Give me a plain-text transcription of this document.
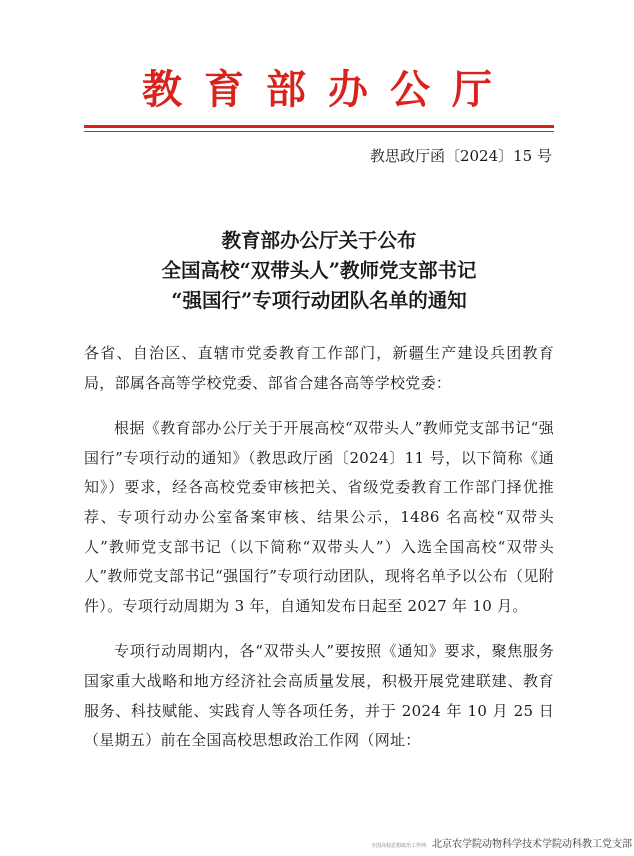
教育部办公厅
教思政厅函〔2024〕15 号
教育部办公厅关于公布
全国高校“双带头人”教师党支部书记
“强国行”专项行动团队名单的通知

各省、自治区、直辖市党委教育工作部门，新疆生产建设兵团教育局，部属各高等学校党委、部省合建各高等学校党委：

根据《教育部办公厅关于开展高校“双带头人”教师党支部书记“强国行”专项行动的通知》（教思政厅函〔2024〕11 号，以下简称《通知》）要求，经各高校党委审核把关、省级党委教育工作部门择优推荐、专项行动办公室备案审核、结果公示，1486 名高校“双带头人”教师党支部书记（以下简称“双带头人”）入选全国高校“双带头人”教师党支部书记“强国行”专项行动团队，现将名单予以公布（见附件）。专项行动周期为 3 年，自通知发布日起至 2027 年 10 月。

专项行动周期内，各“双带头人”要按照《通知》要求，聚焦服务国家重大战略和地方经济社会高质量发展，积极开展党建联建、教育服务、科技赋能、实践育人等各项任务，并于 2024 年 10 月 25 日（星期五）前在全国高校思想政治工作网（网址：

全国高校思想政治工作网 北京农学院动物科学技术学院动科教工党支部
